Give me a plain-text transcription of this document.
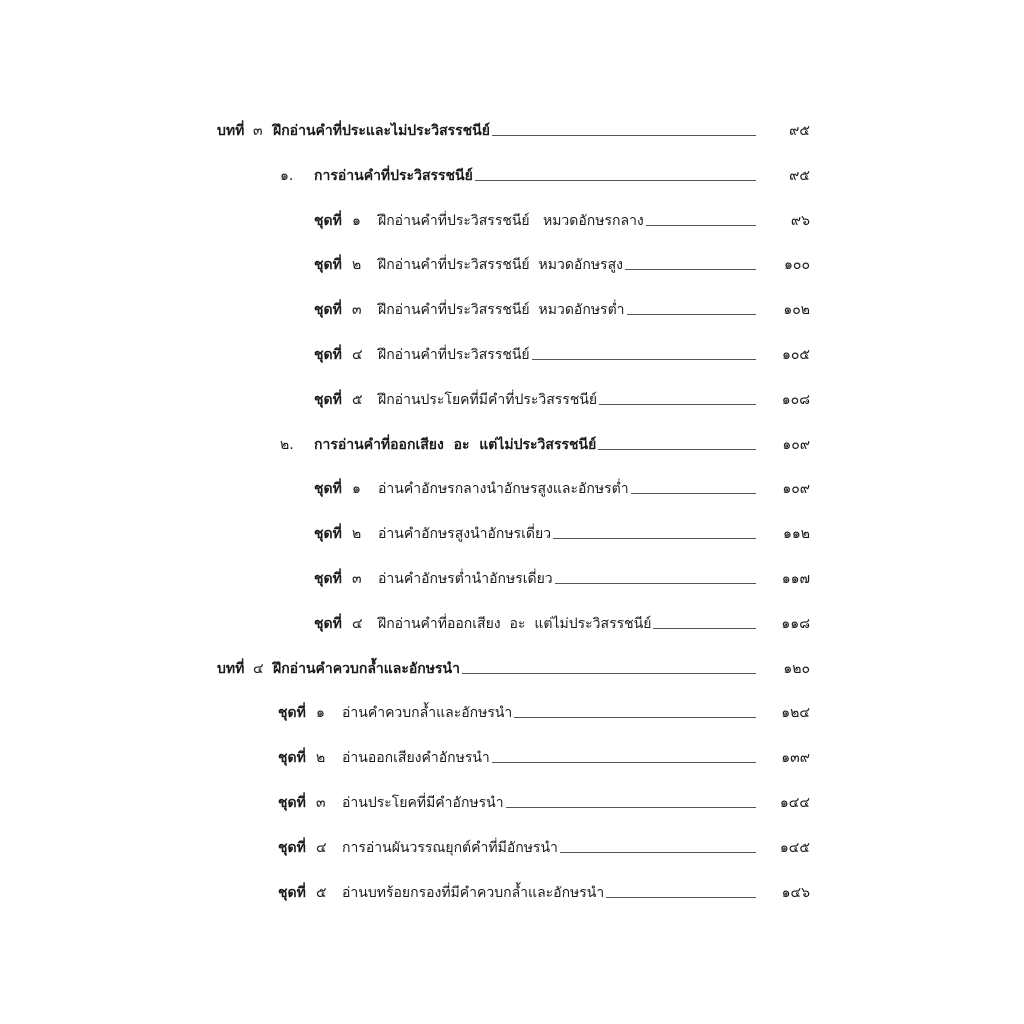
บทที่ ๓ ฝึกอ่านคำที่ประและไม่ประวิสรรชนีย์	๙๕
๑.	การอ่านคำที่ประวิสรรชนีย์	๙๕
ชุดที่ ๑	ฝึกอ่านคำที่ประวิสรรชนีย์   หมวดอักษรกลาง	๙๖
ชุดที่ ๒	ฝึกอ่านคำที่ประวิสรรชนีย์  หมวดอักษรสูง	๑๐๐
ชุดที่ ๓	ฝึกอ่านคำที่ประวิสรรชนีย์  หมวดอักษรต่ำ	๑๐๒
ชุดที่ ๔	ฝึกอ่านคำที่ประวิสรรชนีย์	๑๐๕
ชุดที่ ๕	ฝึกอ่านประโยคที่มีคำที่ประวิสรรชนีย์	๑๐๘
๒.	การอ่านคำที่ออกเสียง  อะ  แต่ไม่ประวิสรรชนีย์	๑๐๙
ชุดที่ ๑	อ่านคำอักษรกลางนำอักษรสูงและอักษรต่ำ	๑๐๙
ชุดที่ ๒	อ่านคำอักษรสูงนำอักษรเดี่ยว	๑๑๒
ชุดที่ ๓	อ่านคำอักษรต่ำนำอักษรเดี่ยว	๑๑๗
ชุดที่ ๔	ฝึกอ่านคำที่ออกเสียง  อะ  แต่ไม่ประวิสรรชนีย์	๑๑๘
บทที่ ๔ ฝึกอ่านคำควบกล้ำและอักษรนำ	๑๒๐
ชุดที่ ๑	อ่านคำควบกล้ำและอักษรนำ	๑๒๔
ชุดที่ ๒	อ่านออกเสียงคำอักษรนำ	๑๓๙
ชุดที่ ๓	อ่านประโยคที่มีคำอักษรนำ	๑๔๔
ชุดที่ ๔	การอ่านผันวรรณยุกต์คำที่มีอักษรนำ	๑๔๕
ชุดที่ ๕	อ่านบทร้อยกรองที่มีคำควบกล้ำและอักษรนำ	๑๔๖
